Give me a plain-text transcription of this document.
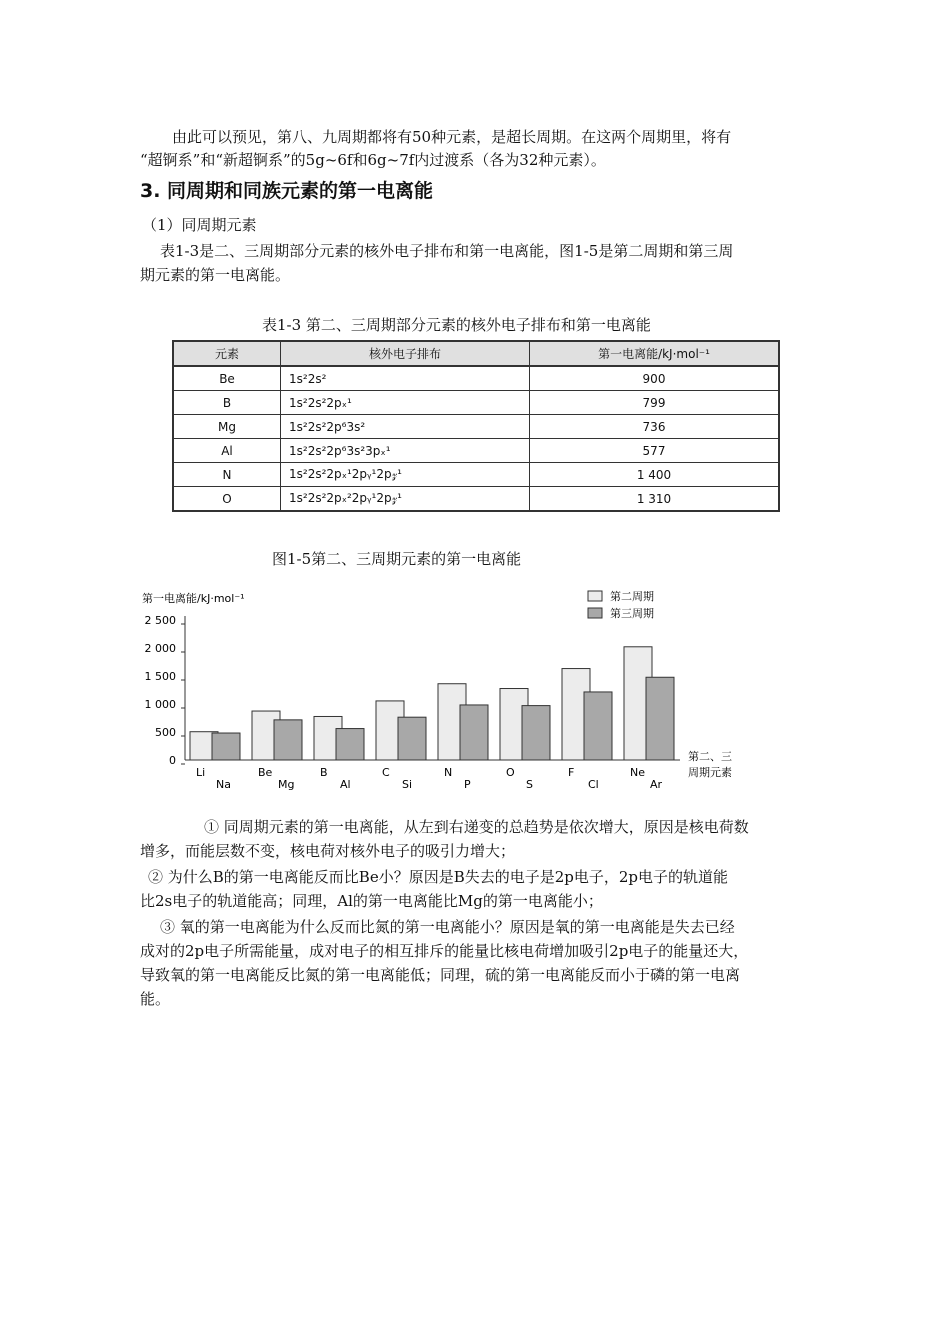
由此可以预见，第八、九周期都将有50种元素，是超长周期。在这两个周期里，将有

“超锕系”和“新超锕系”的5g~6f和6g~7f内过渡系（各为32种元素）。

3. 同周期和同族元素的第一电离能

（1）同周期元素

表1-3是二、三周期部分元素的核外电子排布和第一电离能，图1-5是第二周期和第三周

期元素的第一电离能。

表1-3 第二、三周期部分元素的核外电子排布和第一电离能

元素	核外电子排布	第一电离能/kJ·mol⁻¹
Be	1s²2s²	900
B	1s²2s²2pₓ¹	799
Mg	1s²2s²2p⁶3s²	736
Al	1s²2s²2p⁶3s²3pₓ¹	577
N	1s²2s²2pₓ¹2pᵧ¹2p𝓏¹	1 400
O	1s²2s²2pₓ²2pᵧ¹2p𝓏¹	1 310

图1-5第二、三周期元素的第一电离能

第一电离能/kJ·mol⁻¹	第二周期
第三周期
2 500
2 000
1 500
1 000
500
0
Li	Be	B	C	N	O	F	Ne
Na	Mg	Al	Si	P	S	Cl	Ar
第二、三
周期元素

① 同周期元素的第一电离能，从左到右递变的总趋势是依次增大，原因是核电荷数

增多，而能层数不变，核电荷对核外电子的吸引力增大；

② 为什么B的第一电离能反而比Be小？原因是B失去的电子是2p电子，2p电子的轨道能

比2s电子的轨道能高；同理，Al的第一电离能比Mg的第一电离能小；

③ 氧的第一电离能为什么反而比氮的第一电离能小？原因是氧的第一电离能是失去已经

成对的2p电子所需能量，成对电子的相互排斥的能量比核电荷增加吸引2p电子的能量还大，

导致氧的第一电离能反比氮的第一电离能低；同理，硫的第一电离能反而小于磷的第一电离

能。
